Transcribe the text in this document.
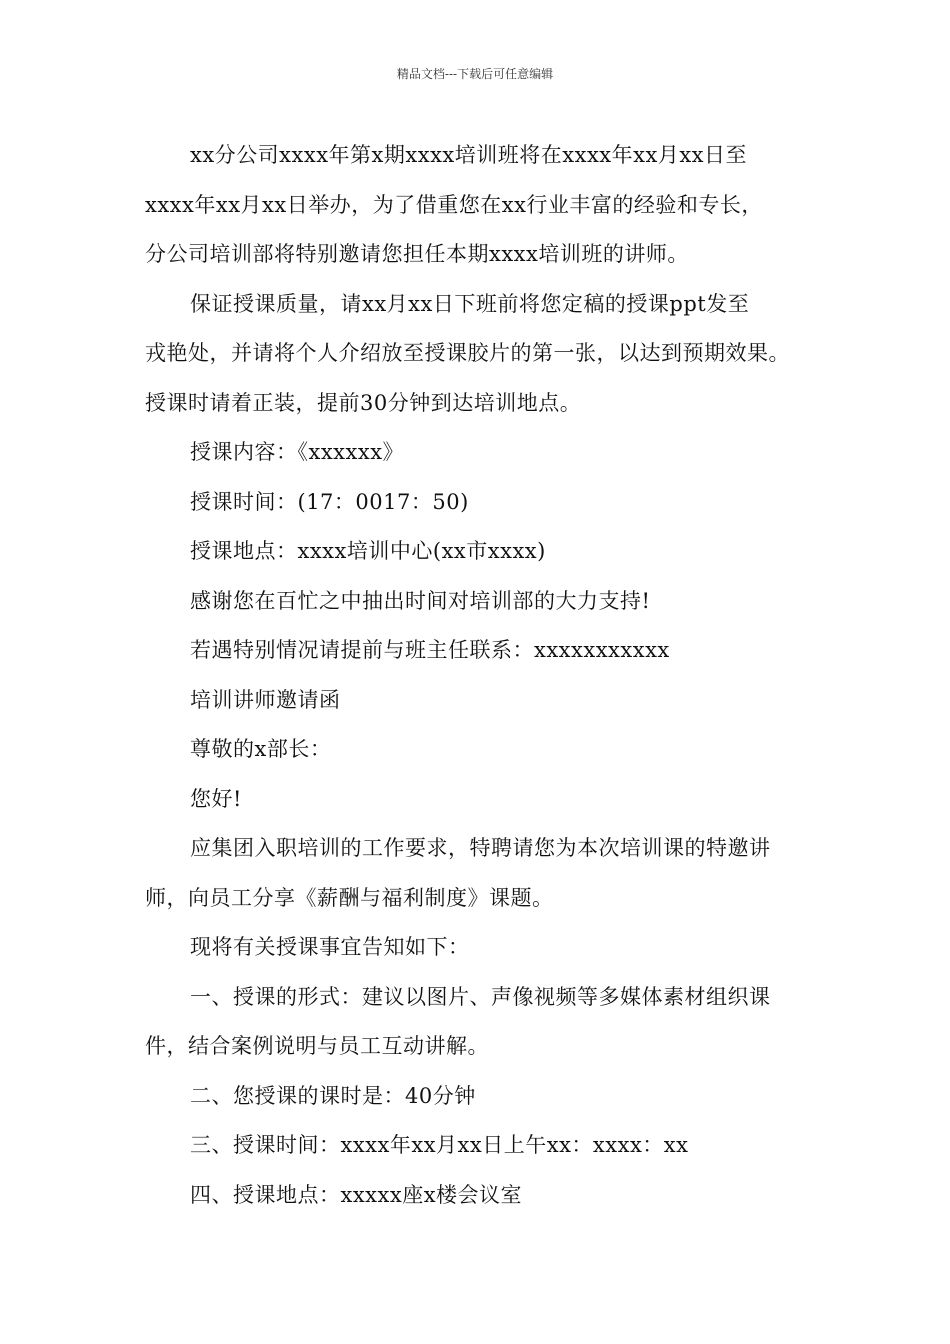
精品文档---下载后可任意编辑

xx分公司xxxx年第x期xxxx培训班将在xxxx年xx月xx日至

xxxx年xx月xx日举办，为了借重您在xx行业丰富的经验和专长，

分公司培训部将特别邀请您担任本期xxxx培训班的讲师。

保证授课质量，请xx月xx日下班前将您定稿的授课ppt发至

戎艳处，并请将个人介绍放至授课胶片的第一张，以达到预期效果。

授课时请着正装，提前30分钟到达培训地点。

授课内容：《xxxxxx》

授课时间：(17：0017：50)

授课地点：xxxx培训中心(xx市xxxx)

感谢您在百忙之中抽出时间对培训部的大力支持!

若遇特别情况请提前与班主任联系：xxxxxxxxxxx

培训讲师邀请函

尊敬的x部长：

您好!

应集团入职培训的工作要求，特聘请您为本次培训课的特邀讲

师，向员工分享《薪酬与福利制度》课题。

现将有关授课事宜告知如下：

一、授课的形式：建议以图片、声像视频等多媒体素材组织课

件，结合案例说明与员工互动讲解。

二、您授课的课时是：40分钟

三、授课时间：xxxx年xx月xx日上午xx：xxxx：xx

四、授课地点：xxxxx座x楼会议室
